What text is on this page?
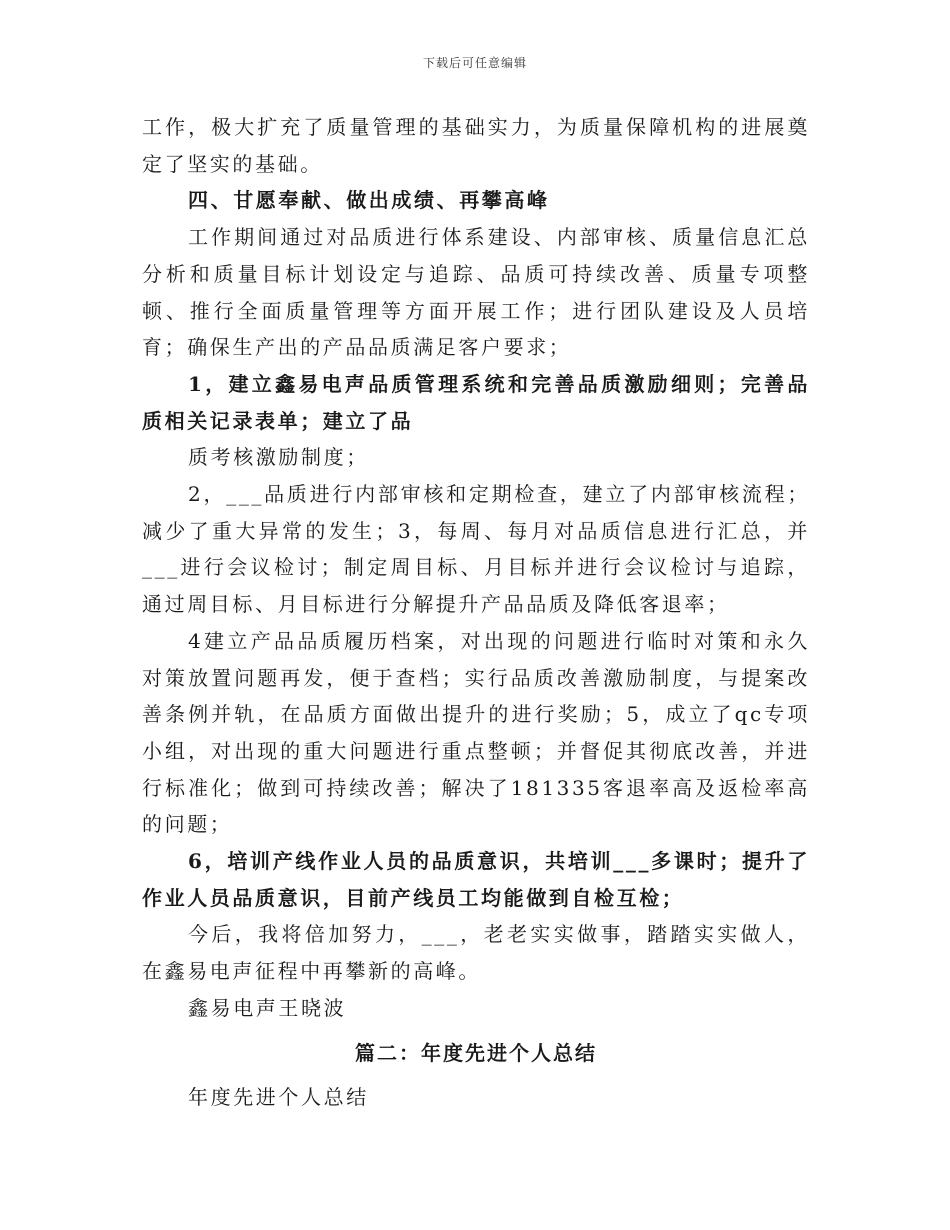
下载后可任意编辑

工作，极大扩充了质量管理的基础实力，为质量保障机构的进展奠定了坚实的基础。

四、甘愿奉献、做出成绩、再攀高峰

工作期间通过对品质进行体系建设、内部审核、质量信息汇总分析和质量目标计划设定与追踪、品质可持续改善、质量专项整顿、推行全面质量管理等方面开展工作；进行团队建设及人员培育；确保生产出的产品品质满足客户要求；

1，建立鑫易电声品质管理系统和完善品质激励细则；完善品质相关记录表单；建立了品

质考核激励制度；

2，___品质进行内部审核和定期检查，建立了内部审核流程；减少了重大异常的发生；3，每周、每月对品质信息进行汇总，并___进行会议检讨；制定周目标、月目标并进行会议检讨与追踪，通过周目标、月目标进行分解提升产品品质及降低客退率；

4建立产品品质履历档案，对出现的问题进行临时对策和永久对策放置问题再发，便于查档；实行品质改善激励制度，与提案改善条例并轨，在品质方面做出提升的进行奖励；5，成立了qc专项小组，对出现的重大问题进行重点整顿；并督促其彻底改善，并进行标准化；做到可持续改善；解决了181335客退率高及返检率高的问题；

6，培训产线作业人员的品质意识，共培训___多课时；提升了作业人员品质意识，目前产线员工均能做到自检互检；

今后，我将倍加努力，___，老老实实做事，踏踏实实做人，在鑫易电声征程中再攀新的高峰。

鑫易电声王晓波

篇二：年度先进个人总结

年度先进个人总结
